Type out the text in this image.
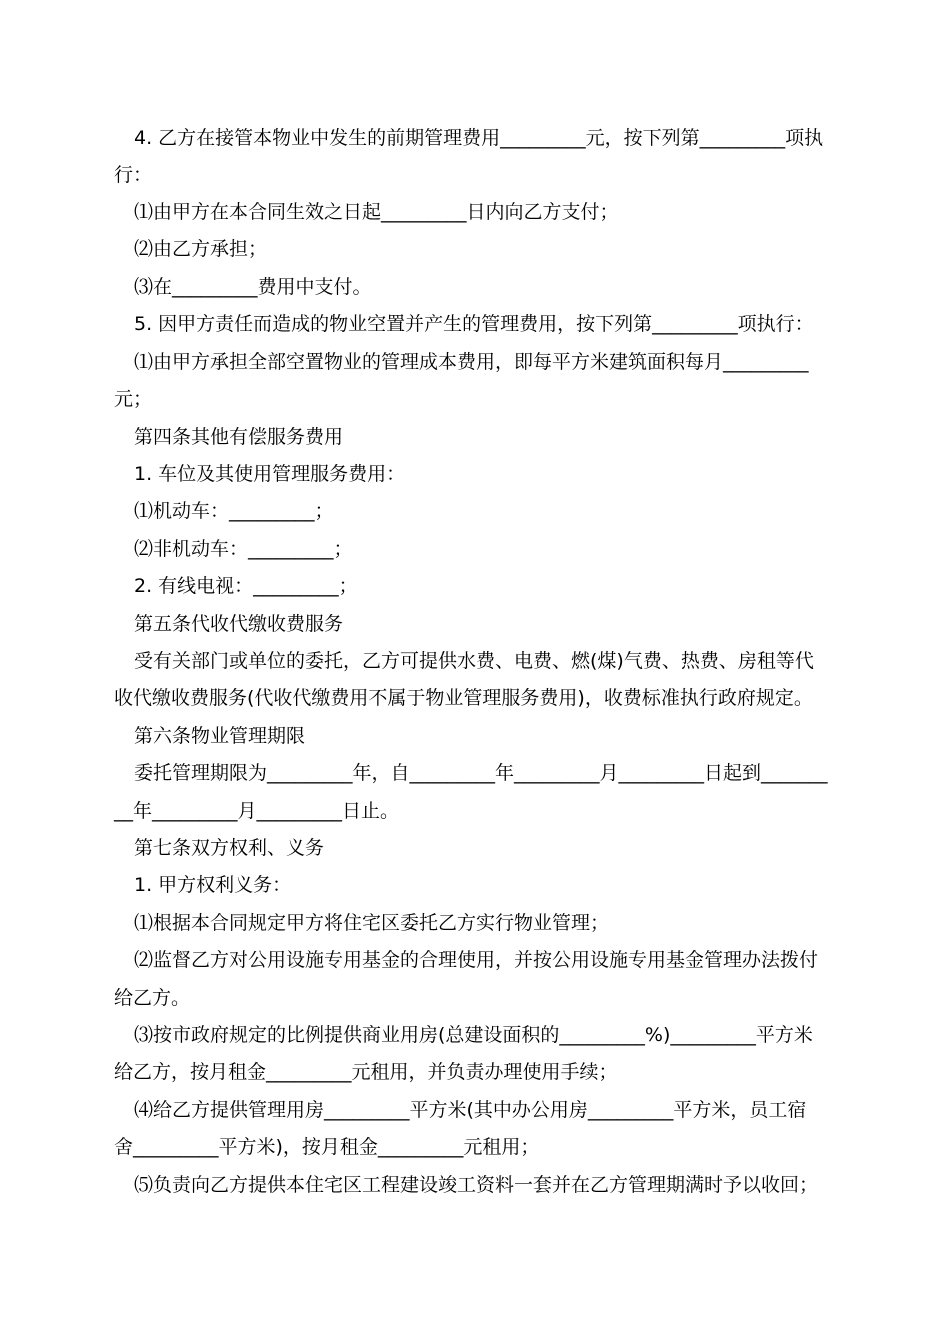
4. 乙方在接管本物业中发生的前期管理费用_________元，按下列第_________项执
行：
⑴由甲方在本合同生效之日起_________日内向乙方支付；
⑵由乙方承担；
⑶在_________费用中支付。
5. 因甲方责任而造成的物业空置并产生的管理费用，按下列第_________项执行：
⑴由甲方承担全部空置物业的管理成本费用，即每平方米建筑面积每月_________
元；
第四条其他有偿服务费用
1. 车位及其使用管理服务费用：
⑴机动车：_________；
⑵非机动车：_________；
2. 有线电视：_________；
第五条代收代缴收费服务
受有关部门或单位的委托，乙方可提供水费、电费、燃(煤)气费、热费、房租等代
收代缴收费服务(代收代缴费用不属于物业管理服务费用)，收费标准执行政府规定。
第六条物业管理期限
委托管理期限为_________年，自_________年_________月_________日起到_______
__年_________月_________日止。
第七条双方权利、义务
1. 甲方权利义务：
⑴根据本合同规定甲方将住宅区委托乙方实行物业管理；
⑵监督乙方对公用设施专用基金的合理使用，并按公用设施专用基金管理办法拨付
给乙方。
⑶按市政府规定的比例提供商业用房(总建设面积的_________%)_________平方米
给乙方，按月租金_________元租用，并负责办理使用手续；
⑷给乙方提供管理用房_________平方米(其中办公用房_________平方米，员工宿
舍_________平方米)，按月租金_________元租用；
⑸负责向乙方提供本住宅区工程建设竣工资料一套并在乙方管理期满时予以收回；
